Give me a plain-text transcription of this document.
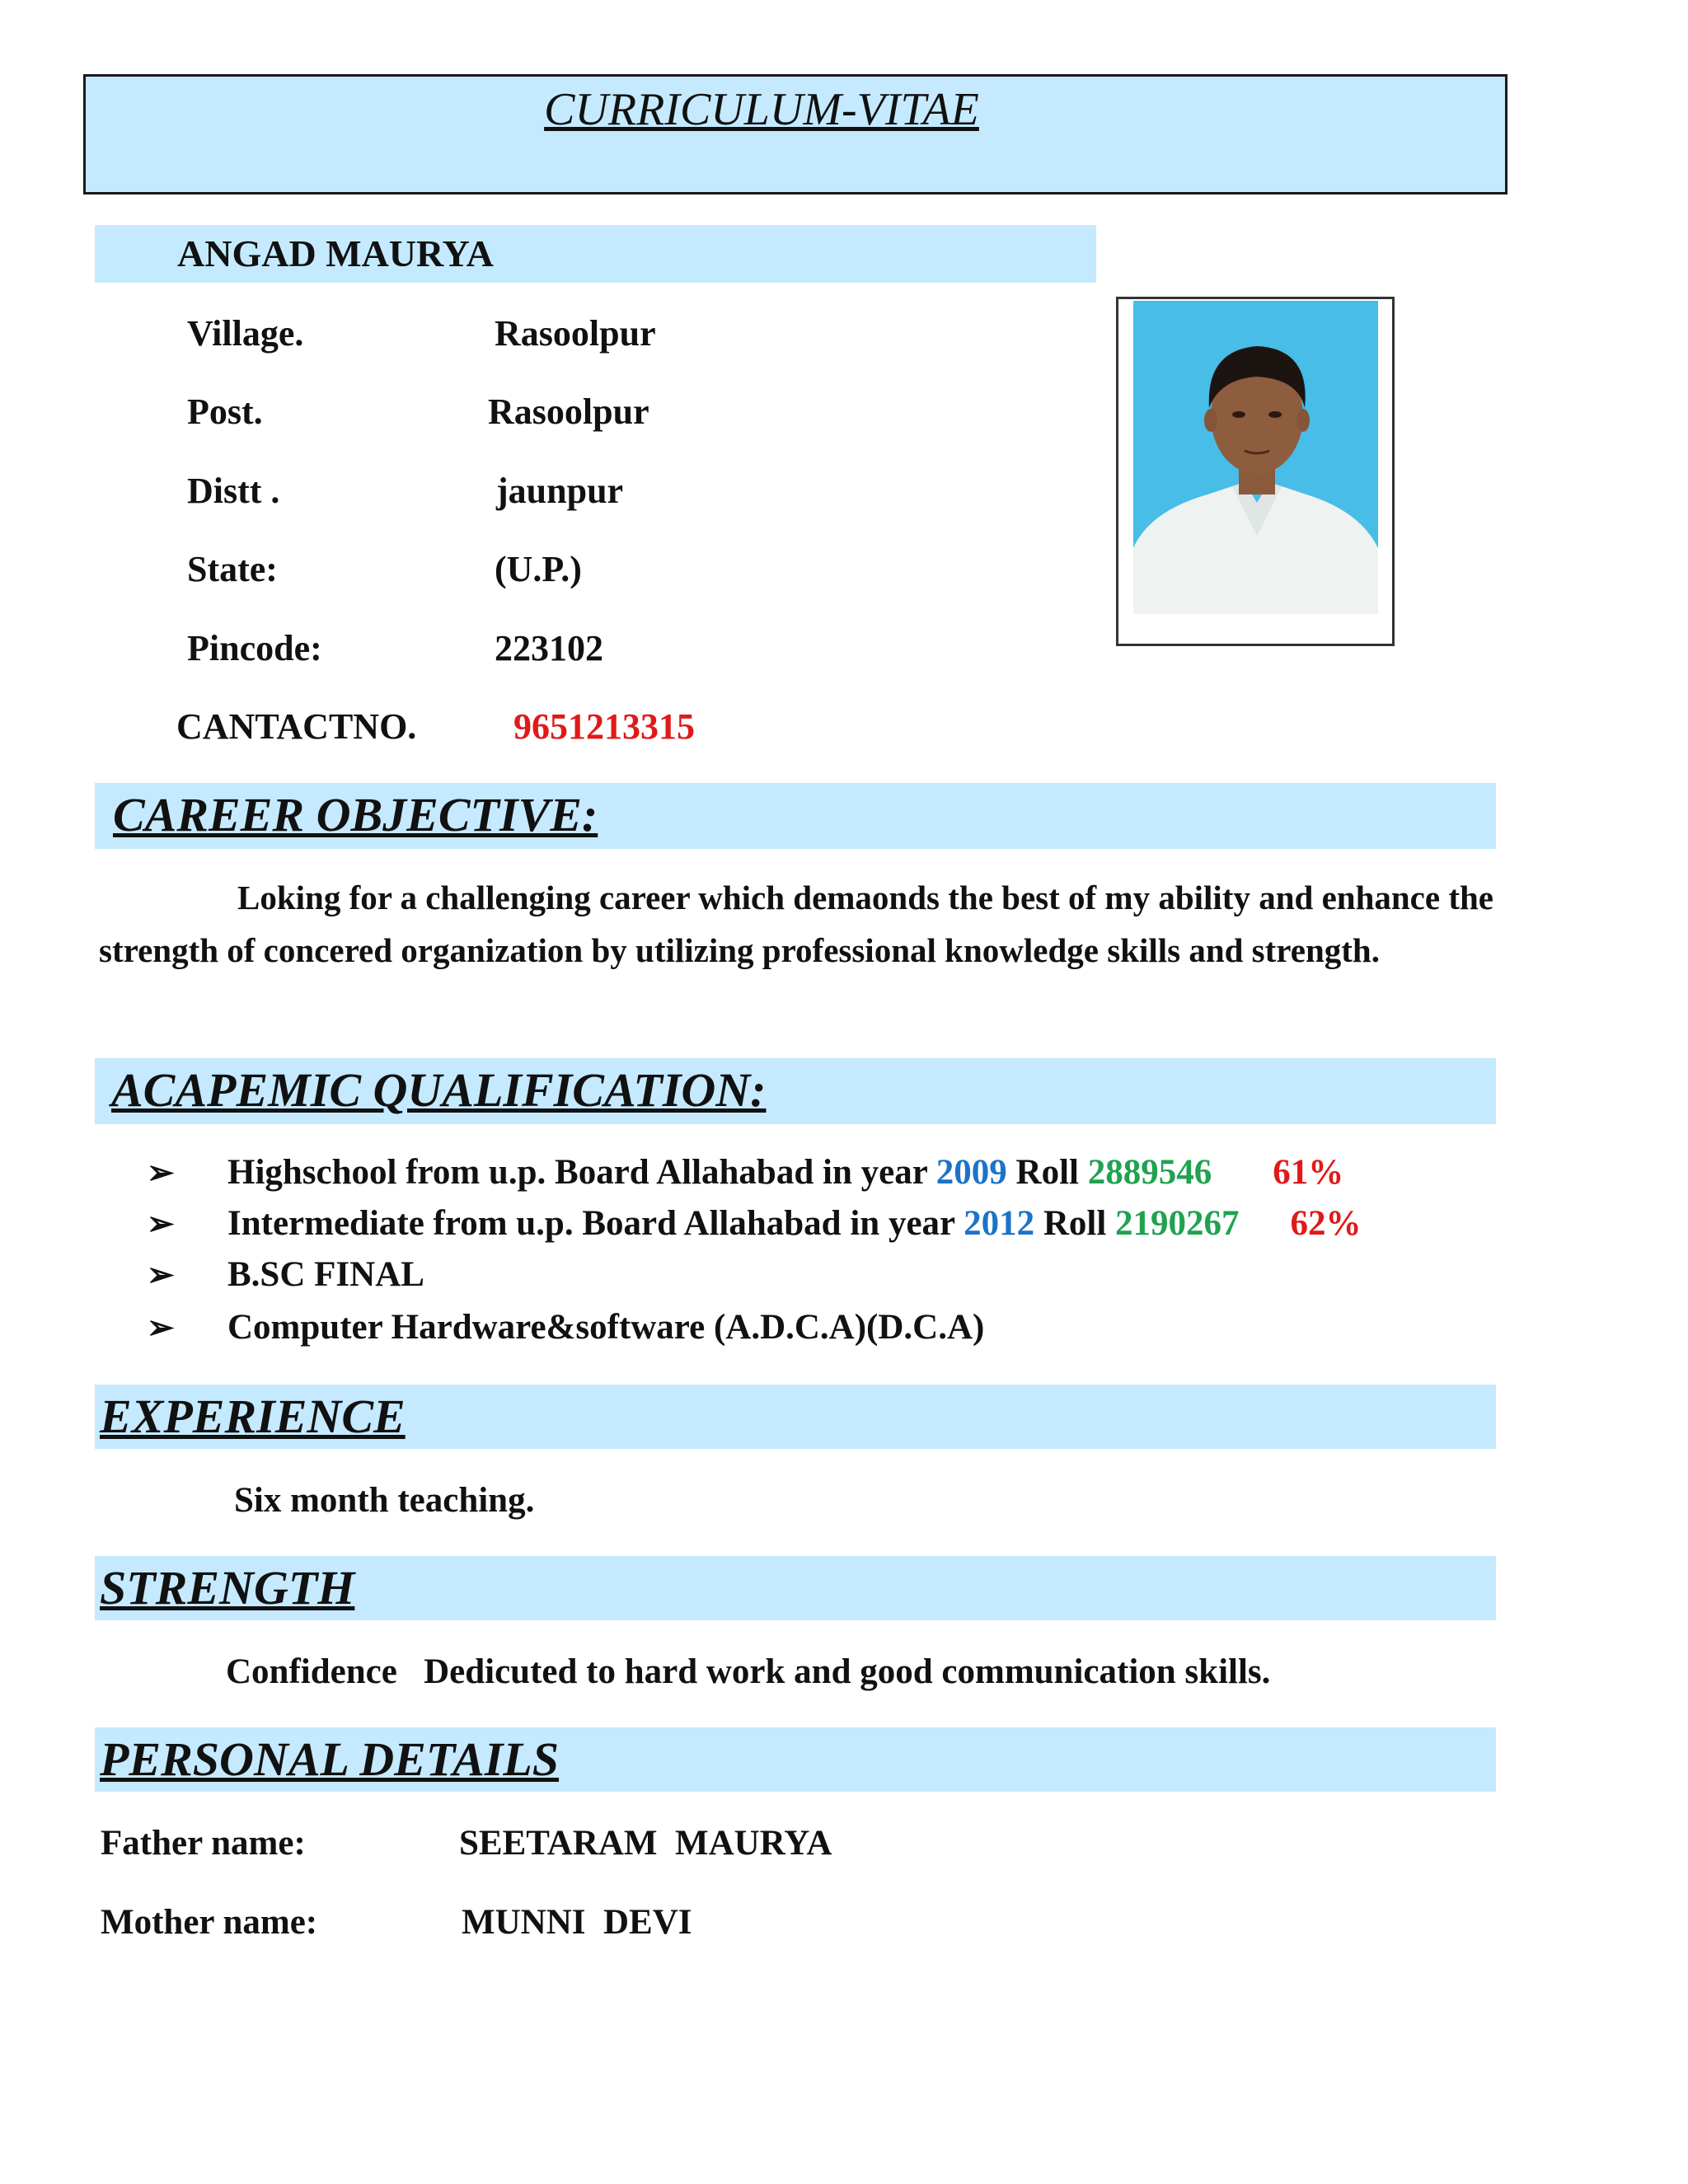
CURRICULUM-VITAE
ANGAD MAURYA
Village.	Rasoolpur
Post.	Rasoolpur
Distt .	jaunpur
State:	(U.P.)
Pincode:	223102
CANTACTNO.	9651213315
CAREER OBJECTIVE:
Loking for a challenging career which demaonds the best of my ability and enhance the strength of concered organization by utilizing professional knowledge skills and strength.
ACAPEMIC QUALIFICATION:
➢ Highschool from u.p. Board Allahabad in year 2009 Roll 2889546 61%
➢ Intermediate from u.p. Board Allahabad in year 2012 Roll 2190267 62%
➢ B.SC FINAL
➢ Computer Hardware&software (A.D.C.A)(D.C.A)
EXPERIENCE
Six month teaching.
STRENGTH
Confidence   Dedicuted to hard work and good communication skills.
PERSONAL DETAILS
Father name:	SEETARAM  MAURYA
Mother name:	MUNNI  DEVI
